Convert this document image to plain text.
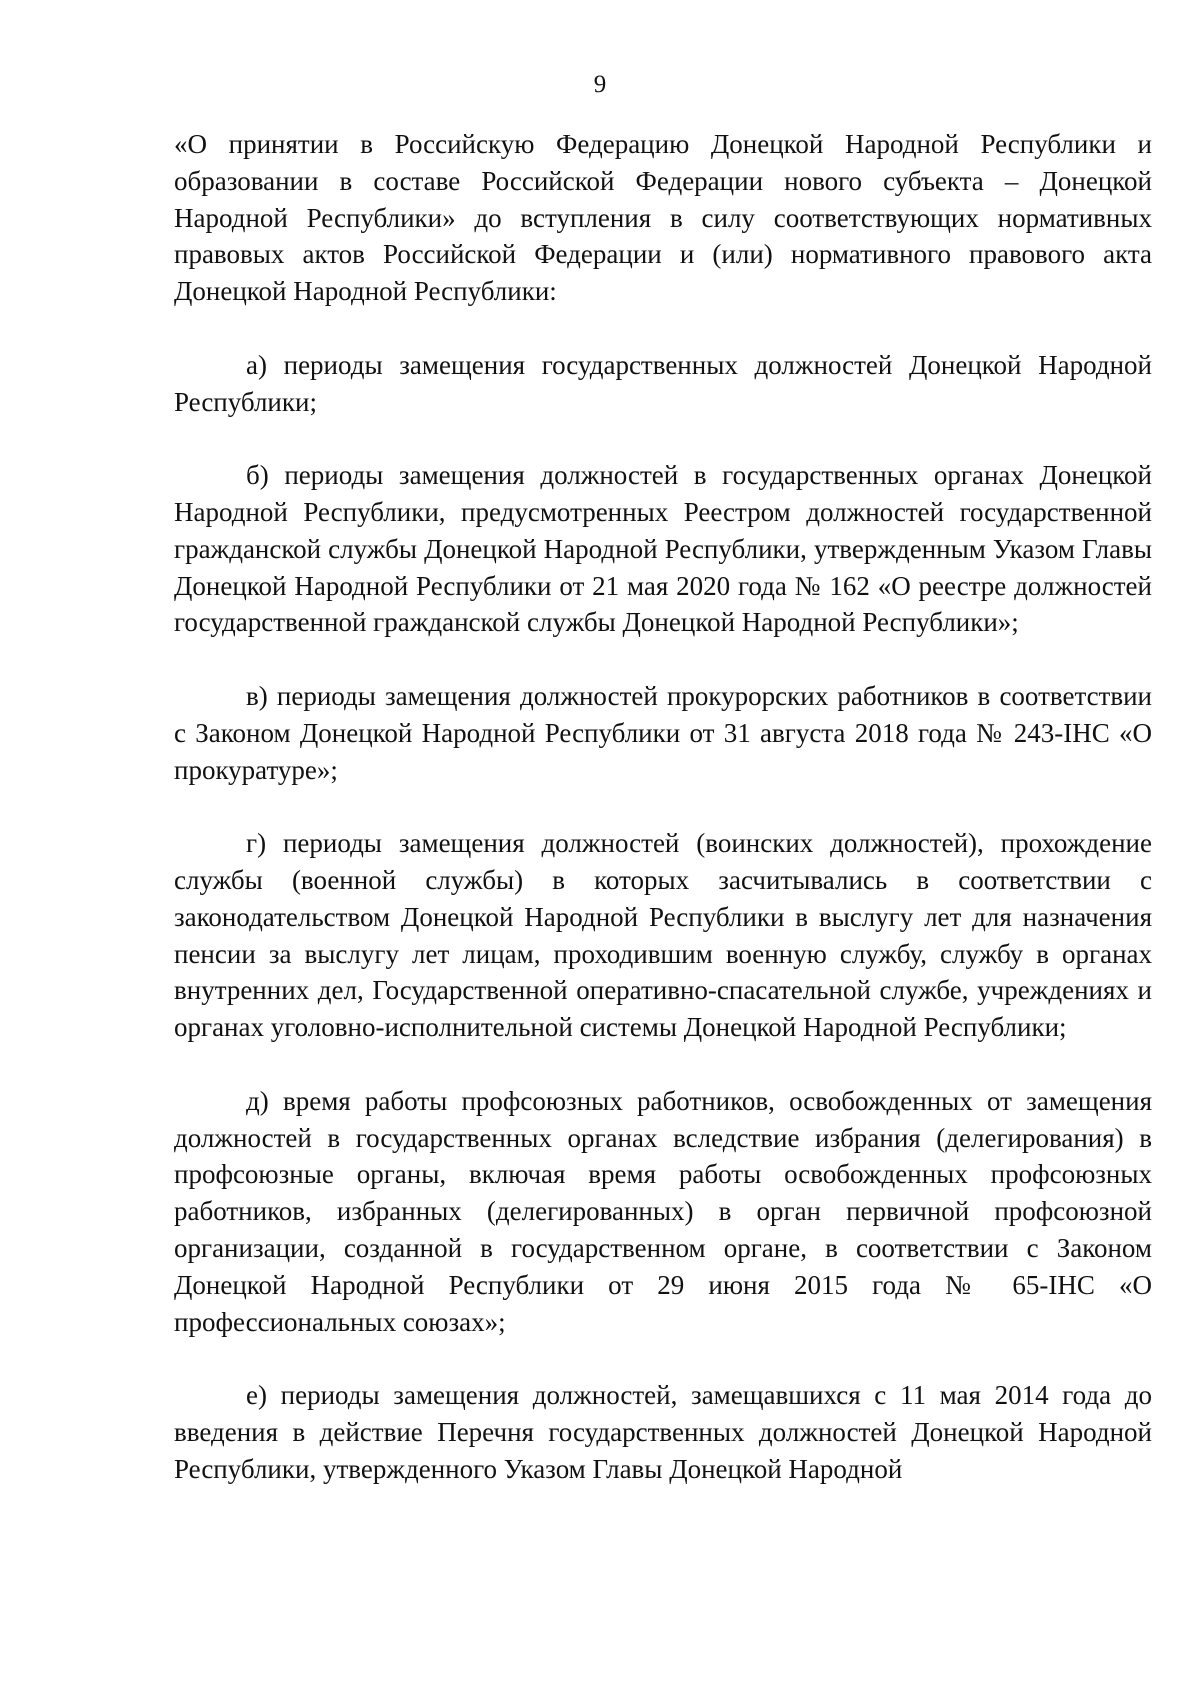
9

«О принятии в Российскую Федерацию Донецкой Народной Республики и образовании в составе Российской Федерации нового субъекта – Донецкой Народной Республики» до вступления в силу соответствующих нормативных правовых актов Российской Федерации и (или) нормативного правового акта Донецкой Народной Республики:

а) периоды замещения государственных должностей Донецкой Народной Республики;

б) периоды замещения должностей в государственных органах Донецкой Народной Республики, предусмотренных Реестром должностей государственной гражданской службы Донецкой Народной Республики, утвержденным Указом Главы Донецкой Народной Республики от 21 мая 2020 года № 162 «О реестре должностей государственной гражданской службы Донецкой Народной Республики»;

в) периоды замещения должностей прокурорских работников в соответствии с Законом Донецкой Народной Республики от 31 августа 2018 года № 243-IНС «О прокуратуре»;

г) периоды замещения должностей (воинских должностей), прохождение службы (военной службы) в которых засчитывались в соответствии с законодательством Донецкой Народной Республики в выслугу лет для назначения пенсии за выслугу лет лицам, проходившим военную службу, службу в органах внутренних дел, Государственной оперативно-спасательной службе, учреждениях и органах уголовно-исполнительной системы Донецкой Народной Республики;

д) время работы профсоюзных работников, освобожденных от замещения должностей в государственных органах вследствие избрания (делегирования) в профсоюзные органы, включая время работы освобожденных профсоюзных работников, избранных (делегированных) в орган первичной профсоюзной организации, созданной в государственном органе, в соответствии с Законом Донецкой Народной Республики от 29 июня 2015 года № 65-IНС «О профессиональных союзах»;

е) периоды замещения должностей, замещавшихся с 11 мая 2014 года до введения в действие Перечня государственных должностей Донецкой Народной Республики, утвержденного Указом Главы Донецкой Народной
